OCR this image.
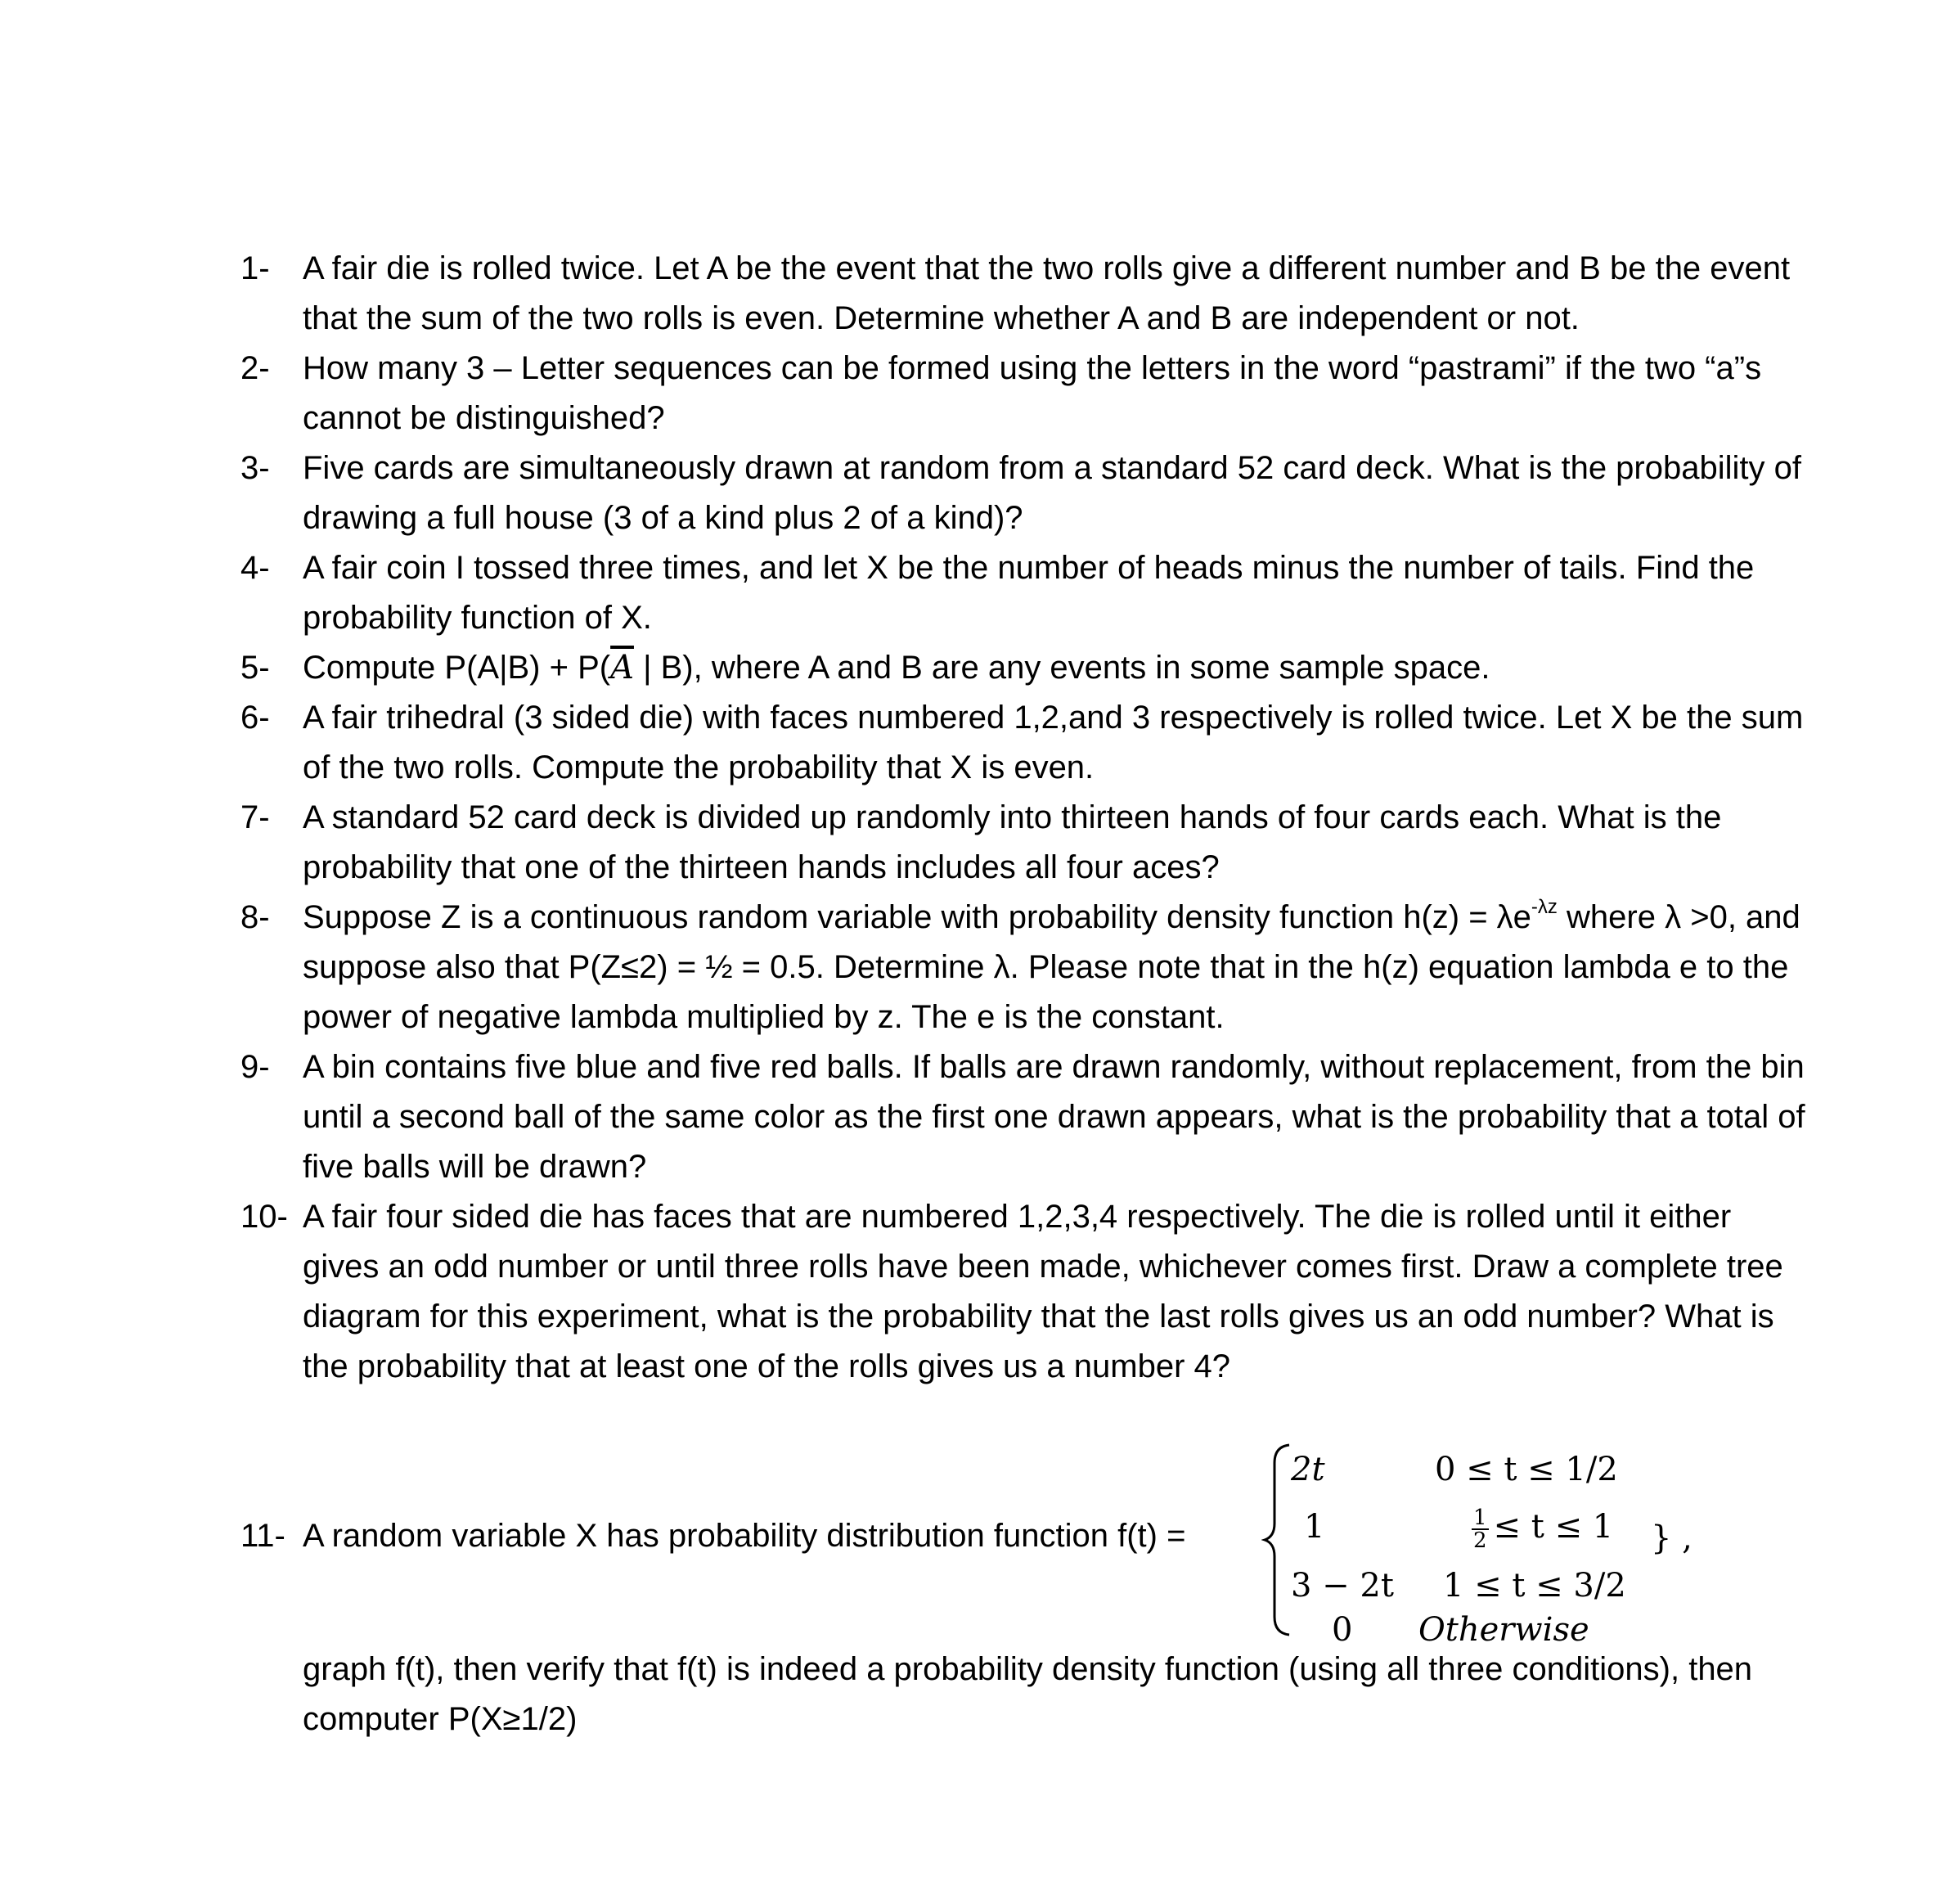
1-	A fair die is rolled twice. Let A be the event that the two rolls give a different number and B be the event that the sum of the two rolls is even. Determine whether A and B are independent or not.
2-	How many 3 – Letter sequences can be formed using the letters in the word “pastrami” if the two “a”s cannot be distinguished?
3-	Five cards are simultaneously drawn at random from a standard 52 card deck. What is the probability of drawing a full house (3 of a kind plus 2 of a kind)?
4-	A fair coin I tossed three times, and let X be the number of heads minus the number of tails. Find the probability function of X.
5-	Compute $P(A|B) + P(\overline{A}$ | B), where A and B are any events in some sample space.
6-	A fair trihedral (3 sided die) with faces numbered 1,2,and 3 respectively is rolled twice. Let X be the sum of the two rolls. Compute the probability that X is even.
7-	A standard 52 card deck is divided up randomly into thirteen hands of four cards each. What is the probability that one of the thirteen hands includes all four aces?
8-	Suppose Z is a continuous random variable with probability density function $h(z) = \lambda e^{-\lambda z}$ where λ >0, and suppose also that P(Z≤2) = ½ = 0.5. Determine λ. Please note that in the h(z) equation lambda e to the power of negative lambda multiplied by z. The e is the constant.
9-	A bin contains five blue and five red balls. If balls are drawn randomly, without replacement, from the bin until a second ball of the same color as the first one drawn appears, what is the probability that a total of five balls will be drawn?
10- A fair four sided die has faces that are numbered 1,2,3,4 respectively. The die is rolled until it either gives an odd number or until three rolls have been made, whichever comes first. Draw a complete tree diagram for this experiment, what is the probability that the last rolls gives us an odd number? What is the probability that at least one of the rolls gives us a number 4?
11- A random variable X has probability distribution function f(t) =
2t	0 ≤ t ≤ 1/2
1	$\frac{1}{2} \le t \le 1$
3 − 2t 1 ≤ t ≤ 3/2
0 Otherwise
} ,
graph f(t), then verify that f(t) is indeed a probability density function (using all three conditions), then computer P(X≥1/2)
